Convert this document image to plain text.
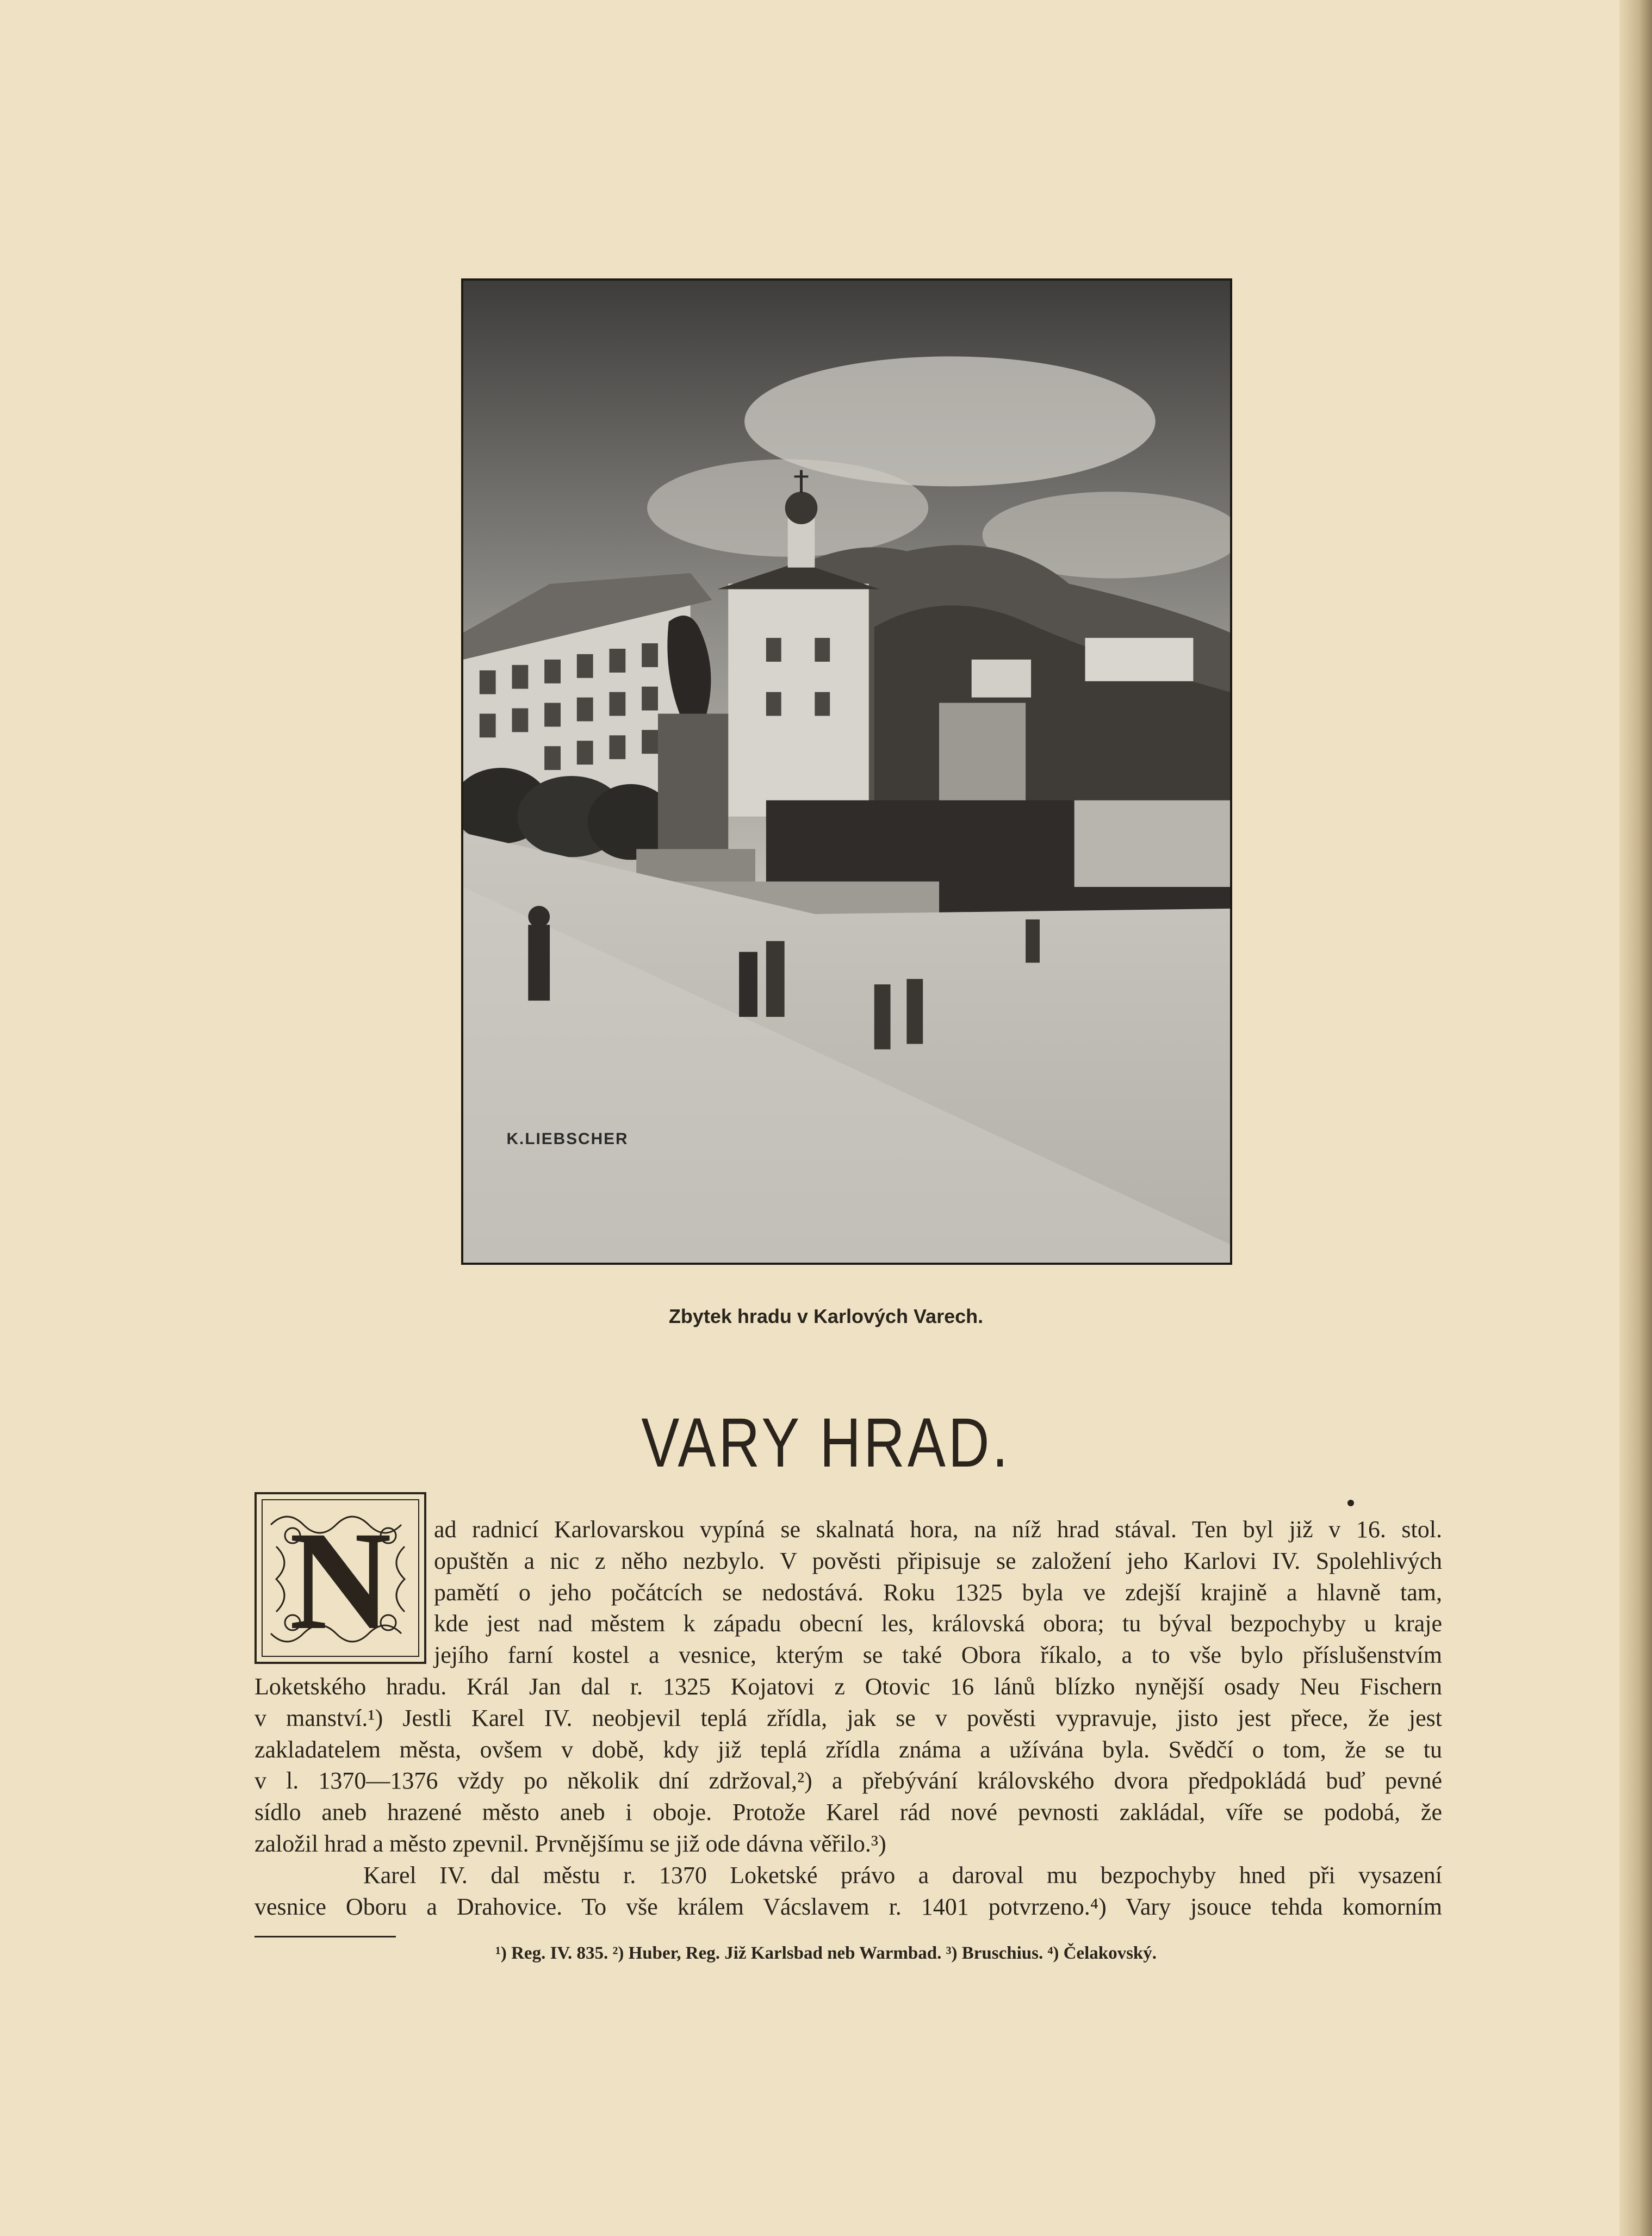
K.LIEBSCHER
Zbytek hradu v Karlových Varech.
VARY HRAD.
N ad radnicí Karlovarskou vypíná se skalnatá hora, na níž hrad stával. Ten byl již v 16. stol.
opuštěn a nic z něho nezbylo. V pověsti připisuje se založení jeho Karlovi IV. Spolehlivých
pamětí o jeho počátcích se nedostává. Roku 1325 byla ve zdejší krajině a hlavně tam,
kde jest nad městem k západu obecní les, královská obora; tu býval bezpochyby u kraje
jejího farní kostel a vesnice, kterým se také Obora říkalo, a to vše bylo příslušenstvím
Loketského hradu. Král Jan dal r. 1325 Kojatovi z Otovic 16 lánů blízko nynější osady Neu Fischern
v manství.¹) Jestli Karel IV. neobjevil teplá zřídla, jak se v pověsti vypravuje, jisto jest přece, že jest
zakladatelem města, ovšem v době, kdy již teplá zřídla známa a užívána byla. Svědčí o tom, že se tu
v l. 1370—1376 vždy po několik dní zdržoval,²) a přebývání královského dvora předpokládá buď pevné
sídlo aneb hrazené město aneb i oboje. Protože Karel rád nové pevnosti zakládal, víře se podobá, že
založil hrad a město zpevnil. Prvnějšímu se již ode dávna věřilo.³)
Karel IV. dal městu r. 1370 Loketské právo a daroval mu bezpochyby hned při vysazení
vesnice Oboru a Drahovice. To vše králem Vácslavem r. 1401 potvrzeno.⁴) Vary jsouce tehda komorním
¹) Reg. IV. 835. ²) Huber, Reg. Již Karlsbad neb Warmbad. ³) Bruschius. ⁴) Čelakovský.
